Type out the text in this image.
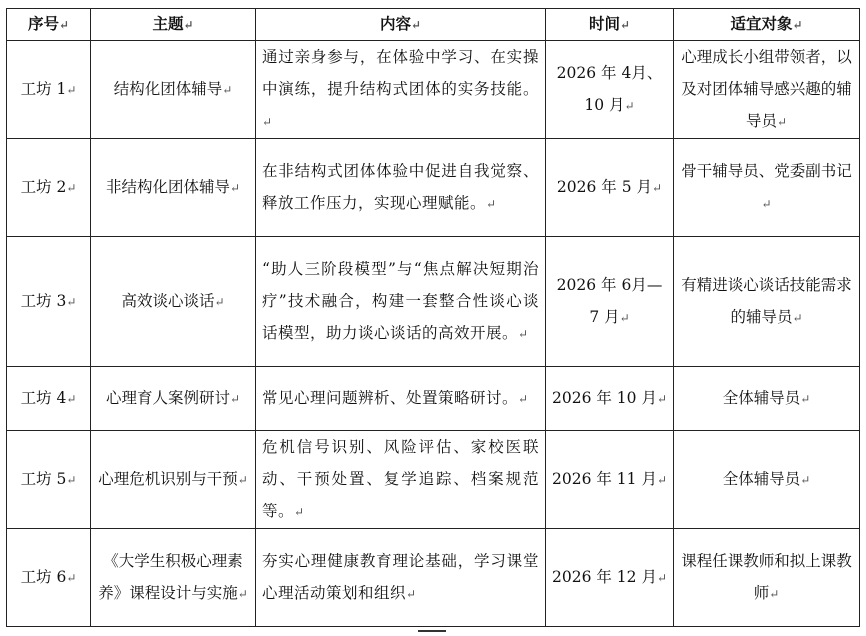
序号↵	主题↵	内容↵	时间↵	适宜对象↵
工坊 1↵	结构化团体辅导↵	通过亲身参与，在体验中学习、在实操中演练，提升结构式团体的实务技能。↵	2026 年 4月、10 月↵	心理成长小组带领者，以及对团体辅导感兴趣的辅导员↵
工坊 2↵	非结构化团体辅导↵	在非结构式团体体验中促进自我觉察、释放工作压力，实现心理赋能。↵	2026 年 5 月↵	骨干辅导员、党委副书记↵
工坊 3↵	高效谈心谈话↵	“助人三阶段模型”与“焦点解决短期治疗”技术融合，构建一套整合性谈心谈话模型，助力谈心谈话的高效开展。↵	2026 年 6月—7 月↵	有精进谈心谈话技能需求的辅导员↵
工坊 4↵	心理育人案例研讨↵	常见心理问题辨析、处置策略研讨。↵	2026 年 10 月↵	全体辅导员↵
工坊 5↵	心理危机识别与干预↵	危机信号识别、风险评估、家校医联动、干预处置、复学追踪、档案规范等。↵	2026 年 11 月↵	全体辅导员↵
工坊 6↵	《大学生积极心理素养》课程设计与实施↵	夯实心理健康教育理论基础，学习课堂心理活动策划和组织↵	2026 年 12 月↵	课程任课教师和拟上课教师↵
